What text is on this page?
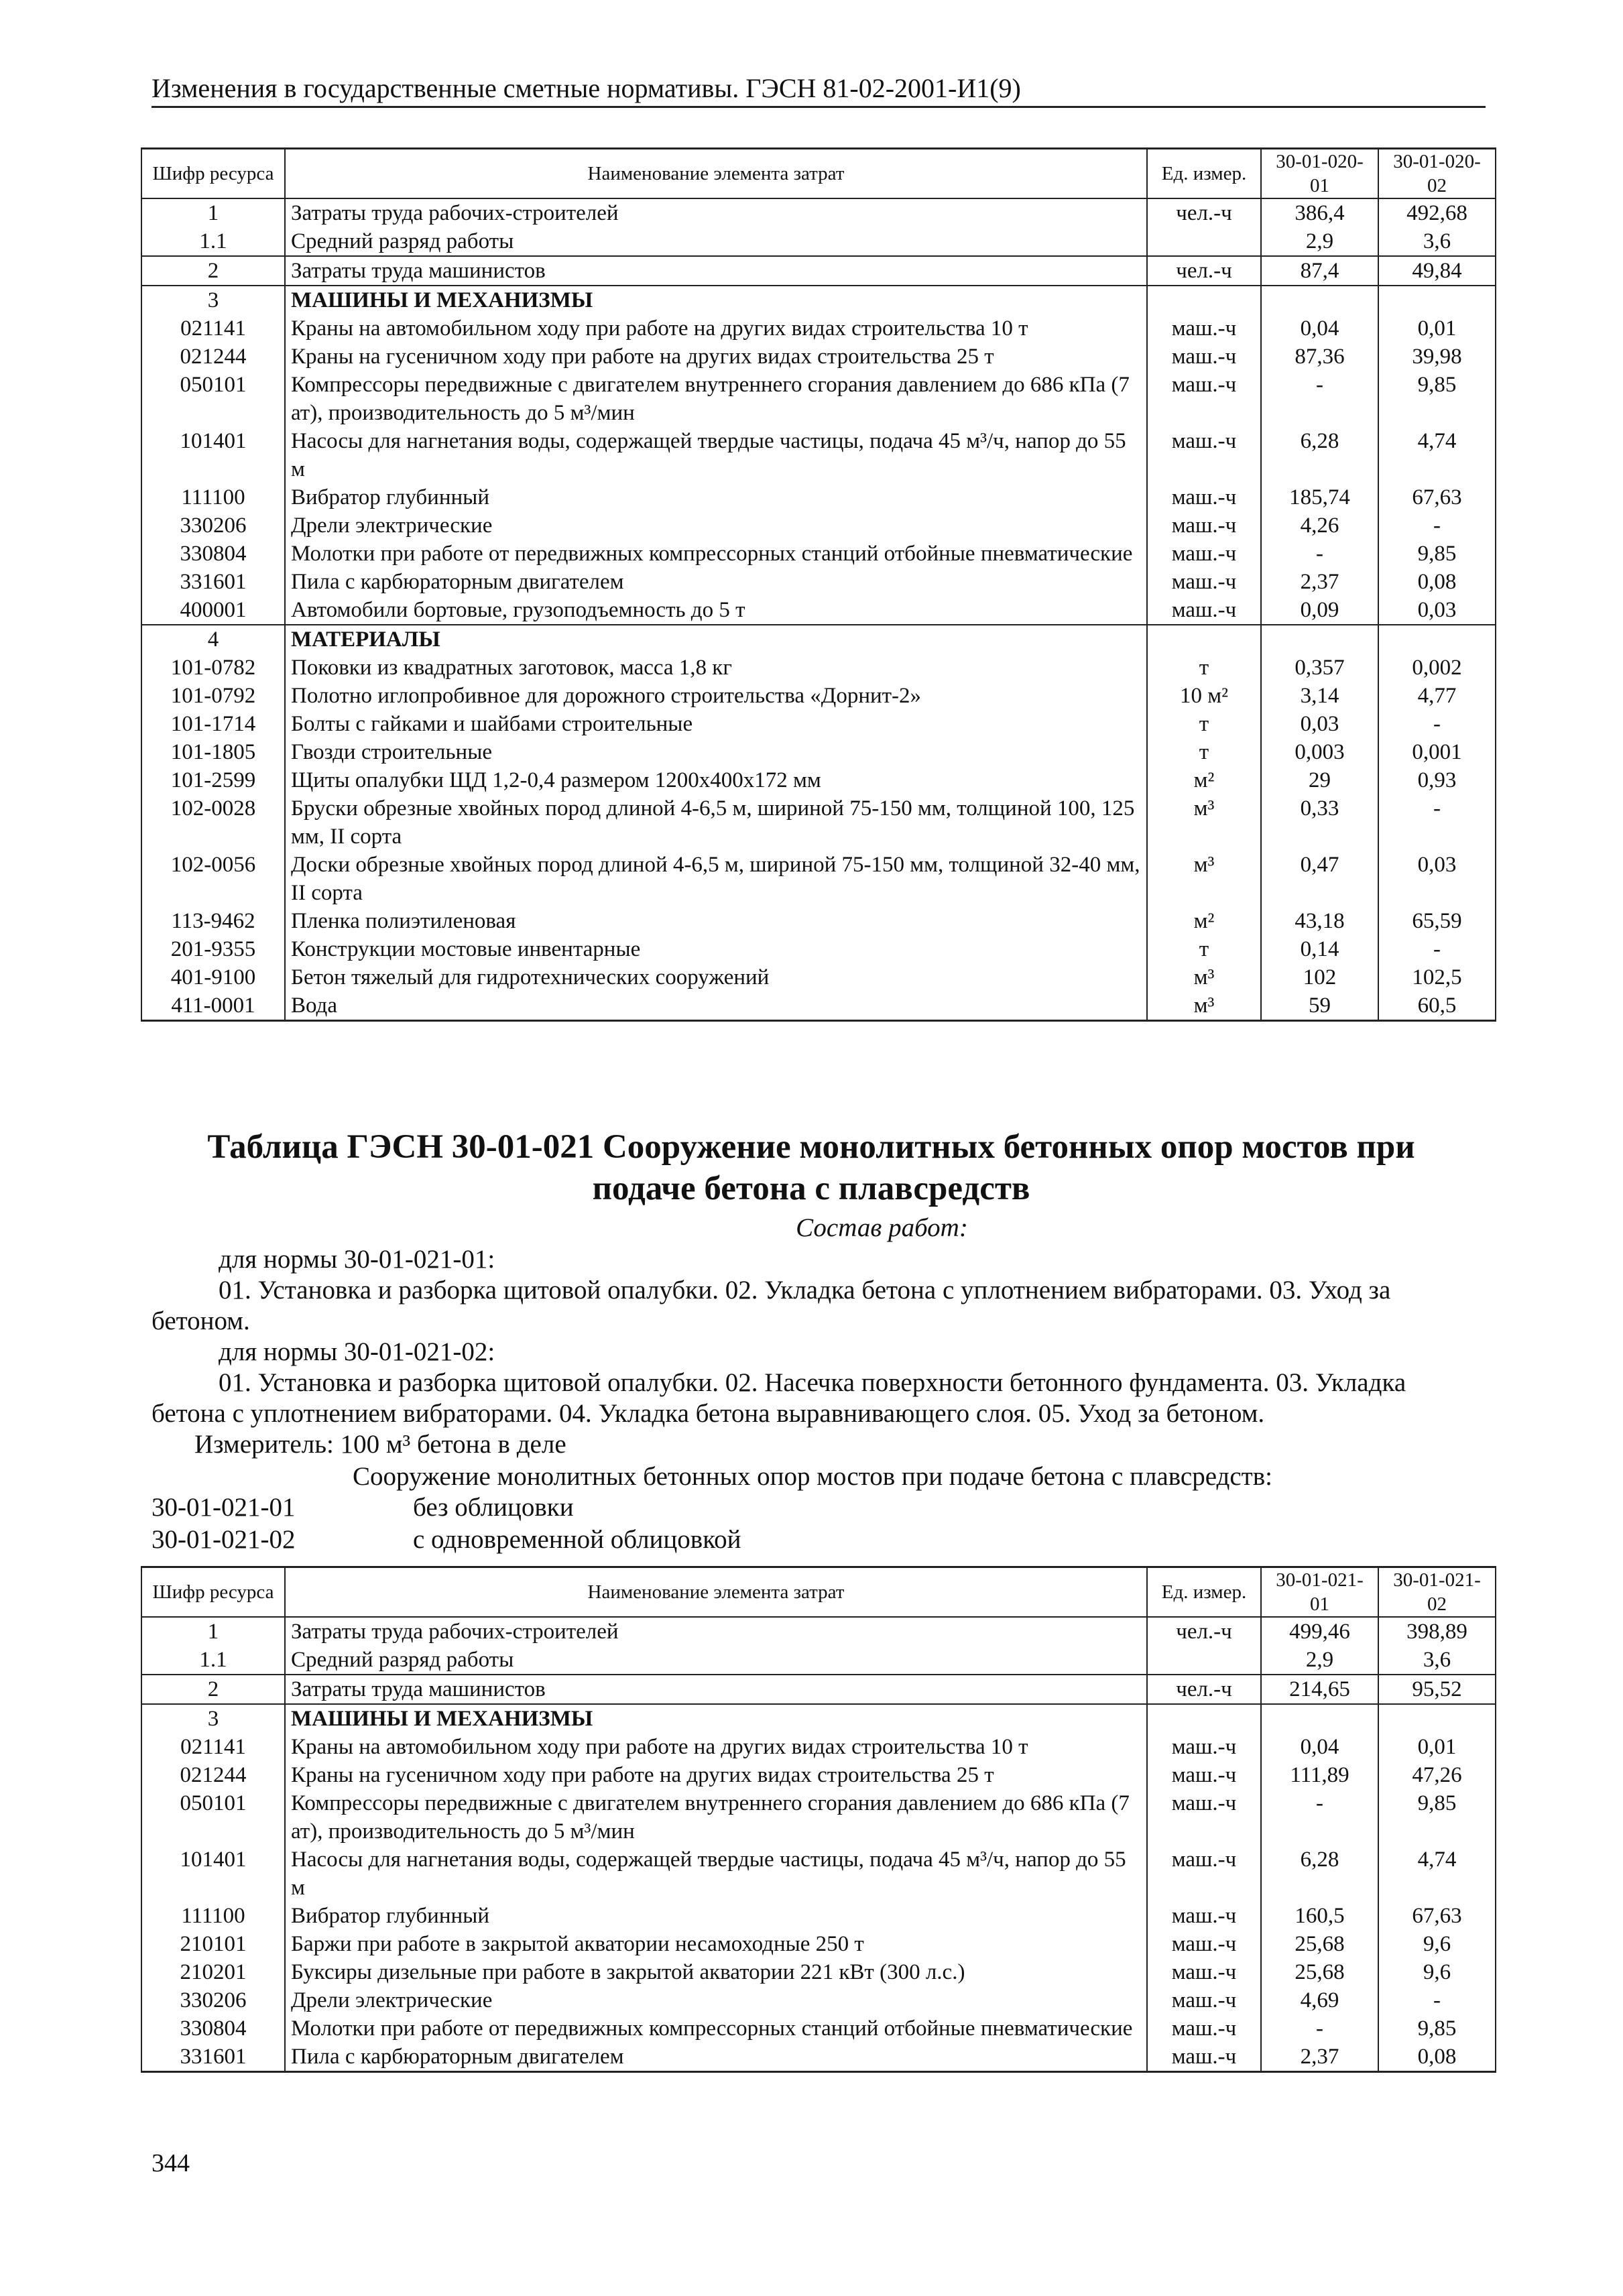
Изменения в государственные сметные нормативы. ГЭСН 81-02-2001-И1(9)
Шифр ресурса	Наименование элемента затрат	Ед. измер.	30-01-020-01	30-01-020-02
1	Затраты труда рабочих-строителей	чел.-ч	386,4	492,68
1.1	Средний разряд работы		2,9	3,6
2	Затраты труда машинистов	чел.-ч	87,4	49,84
3	МАШИНЫ И МЕХАНИЗМЫ			
021141	Краны на автомобильном ходу при работе на других видах строительства 10 т	маш.-ч	0,04	0,01
021244	Краны на гусеничном ходу при работе на других видах строительства 25 т	маш.-ч	87,36	39,98
050101	Компрессоры передвижные с двигателем внутреннего сгорания давлением до 686 кПа (7 ат), производительность до 5 м³/мин	маш.-ч	-	9,85
101401	Насосы для нагнетания воды, содержащей твердые частицы, подача 45 м³/ч, напор до 55 м	маш.-ч	6,28	4,74
111100	Вибратор глубинный	маш.-ч	185,74	67,63
330206	Дрели электрические	маш.-ч	4,26	-
330804	Молотки при работе от передвижных компрессорных станций отбойные пневматические	маш.-ч	-	9,85
331601	Пила с карбюраторным двигателем	маш.-ч	2,37	0,08
400001	Автомобили бортовые, грузоподъемность до 5 т	маш.-ч	0,09	0,03
4	МАТЕРИАЛЫ			
101-0782	Поковки из квадратных заготовок, масса 1,8 кг	т	0,357	0,002
101-0792	Полотно иглопробивное для дорожного строительства «Дорнит-2»	10 м²	3,14	4,77
101-1714	Болты с гайками и шайбами строительные	т	0,03	-
101-1805	Гвозди строительные	т	0,003	0,001
101-2599	Щиты опалубки ЩД 1,2-0,4 размером 1200х400х172 мм	м²	29	0,93
102-0028	Бруски обрезные хвойных пород длиной 4-6,5 м, шириной 75-150 мм, толщиной 100, 125 мм, II сорта	м³	0,33	-
102-0056	Доски обрезные хвойных пород длиной 4-6,5 м, шириной 75-150 мм, толщиной 32-40 мм, II сорта	м³	0,47	0,03
113-9462	Пленка полиэтиленовая	м²	43,18	65,59
201-9355	Конструкции мостовые инвентарные	т	0,14	-
401-9100	Бетон тяжелый для гидротехнических сооружений	м³	102	102,5
411-0001	Вода	м³	59	60,5
Таблица ГЭСН 30-01-021 Сооружение монолитных бетонных опор мостов при подаче бетона с плавсредств
Состав работ:
для нормы 30-01-021-01:
01. Установка и разборка щитовой опалубки. 02. Укладка бетона с уплотнением вибраторами. 03. Уход за бетоном.
для нормы 30-01-021-02:
01. Установка и разборка щитовой опалубки. 02. Насечка поверхности бетонного фундамента. 03. Укладка бетона с уплотнением вибраторами. 04. Укладка бетона выравнивающего слоя. 05. Уход за бетоном.
Измеритель: 100 м³ бетона в деле
Сооружение монолитных бетонных опор мостов при подаче бетона с плавсредств:
30-01-021-01	без облицовки
30-01-021-02	с одновременной облицовкой
Шифр ресурса	Наименование элемента затрат	Ед. измер.	30-01-021-01	30-01-021-02
1	Затраты труда рабочих-строителей	чел.-ч	499,46	398,89
1.1	Средний разряд работы		2,9	3,6
2	Затраты труда машинистов	чел.-ч	214,65	95,52
3	МАШИНЫ И МЕХАНИЗМЫ			
021141	Краны на автомобильном ходу при работе на других видах строительства 10 т	маш.-ч	0,04	0,01
021244	Краны на гусеничном ходу при работе на других видах строительства 25 т	маш.-ч	111,89	47,26
050101	Компрессоры передвижные с двигателем внутреннего сгорания давлением до 686 кПа (7 ат), производительность до 5 м³/мин	маш.-ч	-	9,85
101401	Насосы для нагнетания воды, содержащей твердые частицы, подача 45 м³/ч, напор до 55 м	маш.-ч	6,28	4,74
111100	Вибратор глубинный	маш.-ч	160,5	67,63
210101	Баржи при работе в закрытой акватории несамоходные 250 т	маш.-ч	25,68	9,6
210201	Буксиры дизельные при работе в закрытой акватории 221 кВт (300 л.с.)	маш.-ч	25,68	9,6
330206	Дрели электрические	маш.-ч	4,69	-
330804	Молотки при работе от передвижных компрессорных станций отбойные пневматические	маш.-ч	-	9,85
331601	Пила с карбюраторным двигателем	маш.-ч	2,37	0,08
344
